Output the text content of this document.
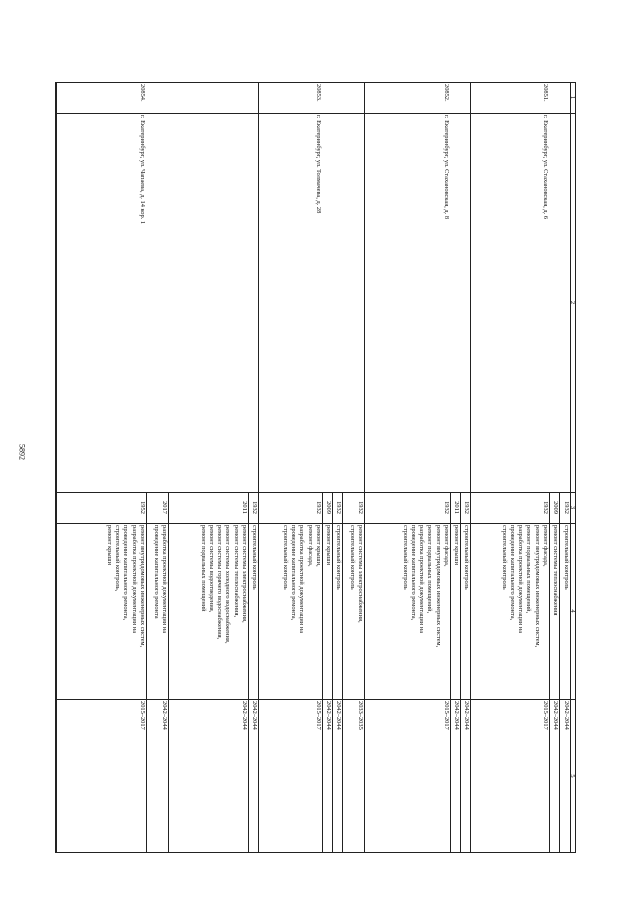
5892
1
2
3
4
5
1932
строительный контроль
2042–2044
2009
ремонт системы теплоснабжения
2042–2044
20851.
г. Екатеринбург, ул. Стахановская, д. 6
1932
ремонт фасада,
ремонт внутридомовых инженерных систем,
ремонт подвальных помещений,
разработка проектной документации на
проведение капитального ремонта,
строительный контроль
2015–2017
1932
строительный контроль
2042–2044
2011
ремонт крыши
2042–2044
20852.
г. Екатеринбург, ул. Стахановская, д. 8
1932
ремонт фасада,
ремонт внутридомовых инженерных систем,
ремонт подвальных помещений,
разработка проектной документации на
проведение капитального ремонта,
строительный контроль
2015–2017
1932
ремонт системы электроснабжения,
строительный контроль
2033–2035
1932
строительный контроль
2042–2044
2009
ремонт крыши
2042–2044
20853.
г. Екатеринбург, ул. Толмачева, д. 28
1932
ремонт крыши,
ремонт фасада,
разработка проектной документации на
проведение капитального ремонта,
строительный контроль
2015–2017
1932
строительный контроль
2042–2044
2011
ремонт системы электроснабжения,
ремонт системы теплоснабжения,
ремонт системы холодного водоснабжения,
ремонт системы горячего водоснабжения,
ремонт системы водоотведения,
ремонт подвальных помещений
2042–2044
2017
разработка проектной документации на
проведение капитального ремонта
2042–2044
20854.
г. Екатеринбург, ул. Чапаева, д. 14 кор. 1
1952
ремонт внутридомовых инженерных систем,
разработка проектной документации на
проведение капитального ремонта,
строительный контроль,
ремонт крыши
2015–2017
